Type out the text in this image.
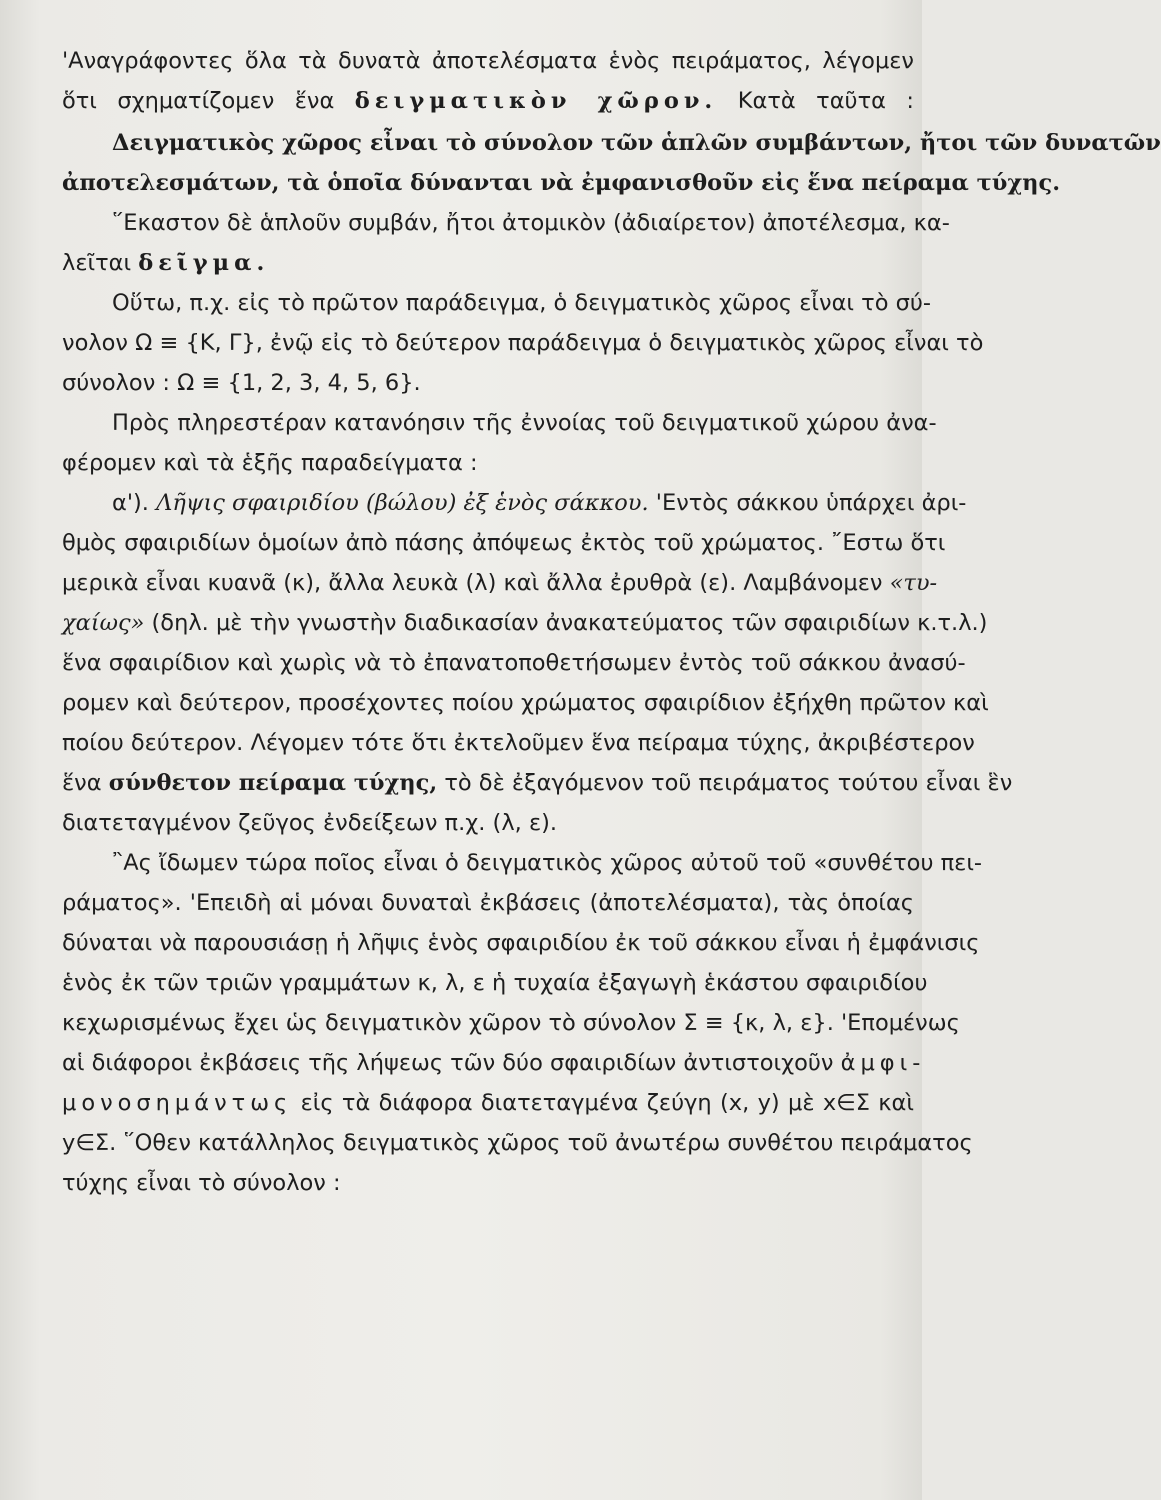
'Αναγράφοντες ὅλα τὰ δυνατὰ ἀποτελέσματα ἑνὸς πειράματος, λέγομεν
ὅτι σχηματίζομεν ἕνα δειγματικὸν χῶρον. Κατὰ ταῦτα :
Δειγματικὸς χῶρος εἶναι τὸ σύνολον τῶν ἁπλῶν συμβάντων, ἤτοι τῶν δυνατῶν
ἀποτελεσμάτων, τὰ ὁποῖα δύνανται νὰ ἐμφανισθοῦν εἰς ἕνα πείραμα τύχης.
῞Εκαστον δὲ ἁπλοῦν συμβάν, ἤτοι ἀτομικὸν (ἀδιαίρετον) ἀποτέλεσμα, κα-
λεῖται δεῖγμα.
Οὕτω, π.χ. εἰς τὸ πρῶτον παράδειγμα, ὁ δειγματικὸς χῶρος εἶναι τὸ σύ-
νολον Ω ≡ {Κ, Γ}, ἐνῷ εἰς τὸ δεύτερον παράδειγμα ὁ δειγματικὸς χῶρος εἶναι τὸ
σύνολον : Ω ≡ {1, 2, 3, 4, 5, 6}.
Πρὸς πληρεστέραν κατανόησιν τῆς ἐννοίας τοῦ δειγματικοῦ χώρου ἀνα-
φέρομεν καὶ τὰ ἑξῆς παραδείγματα :
α'). Λῆψις σφαιριδίου (βώλου) ἐξ ἑνὸς σάκκου. 'Εντὸς σάκκου ὑπάρχει ἀρι-
θμὸς σφαιριδίων ὁμοίων ἀπὸ πάσης ἀπόψεως ἐκτὸς τοῦ χρώματος. ῎Εστω ὅτι
μερικὰ εἶναι κυανᾶ (κ), ἄλλα λευκὰ (λ) καὶ ἄλλα ἐρυθρὰ (ε). Λαμβάνομεν «τυ-
χαίως» (δηλ. μὲ τὴν γνωστὴν διαδικασίαν ἀνακατεύματος τῶν σφαιριδίων κ.τ.λ.)
ἕνα σφαιρίδιον καὶ χωρὶς νὰ τὸ ἐπανατοποθετήσωμεν ἐντὸς τοῦ σάκκου ἀνασύ-
ρομεν καὶ δεύτερον, προσέχοντες ποίου χρώματος σφαιρίδιον ἐξήχθη πρῶτον καὶ
ποίου δεύτερον. Λέγομεν τότε ὅτι ἐκτελοῦμεν ἕνα πείραμα τύχης, ἀκριβέστερον
ἕνα σύνθετον πείραμα τύχης, τὸ δὲ ἐξαγόμενον τοῦ πειράματος τούτου εἶναι ἓν
διατεταγμένον ζεῦγος ἐνδείξεων π.χ. (λ, ε).
῍Ας ἴδωμεν τώρα ποῖος εἶναι ὁ δειγματικὸς χῶρος αὐτοῦ τοῦ «συνθέτου πει-
ράματος». 'Επειδὴ αἱ μόναι δυναταὶ ἐκβάσεις (ἀποτελέσματα), τὰς ὁποίας
δύναται νὰ παρουσιάσῃ ἡ λῆψις ἑνὸς σφαιριδίου ἐκ τοῦ σάκκου εἶναι ἡ ἐμφάνισις
ἑνὸς ἐκ τῶν τριῶν γραμμάτων κ, λ, ε ἡ τυχαία ἐξαγωγὴ ἑκάστου σφαιριδίου
κεχωρισμένως ἔχει ὡς δειγματικὸν χῶρον τὸ σύνολον Σ ≡ {κ, λ, ε}. 'Επομένως
αἱ διάφοροι ἐκβάσεις τῆς λήψεως τῶν δύο σφαιριδίων ἀντιστοιχοῦν ἀμφι-
μονοσημάντως εἰς τὰ διάφορα διατεταγμένα ζεύγη (x, y) μὲ x∈Σ καὶ
y∈Σ. ῞Οθεν κατάλληλος δειγματικὸς χῶρος τοῦ ἀνωτέρω συνθέτου πειράματος
τύχης εἶναι τὸ σύνολον :
